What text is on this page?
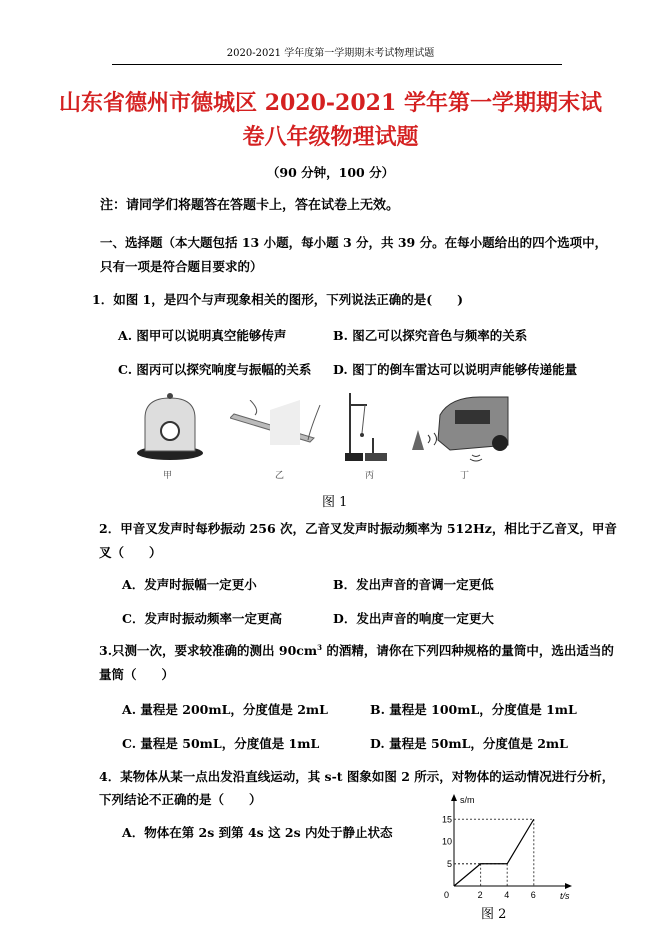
2020-2021 学年度第一学期期末考试物理试题
山东省德州市德城区 2020-2021 学年第一学期期末试
卷八年级物理试题
（90 分钟，100 分）
注：请同学们将题答在答题卡上，答在试卷上无效。
一、选择题（本大题包括 13 小题，每小题 3 分，共 39 分。在每小题给出的四个选项中，
只有一项是符合题目要求的）
1．如图 1，是四个与声现象相关的图形，下列说法正确的是(　　)
A. 图甲可以说明真空能够传声	B. 图乙可以探究音色与频率的关系
C. 图丙可以探究响度与振幅的关系 D. 图丁的倒车雷达可以说明声能够传递能量
甲	乙	丙	丁
图 1
2．甲音叉发声时每秒振动 256 次，乙音叉发声时振动频率为 512Hz，相比于乙音叉，甲音
叉（　　）
A．发声时振幅一定更小	B．发出声音的音调一定更低
C．发声时振动频率一定更高	D．发出声音的响度一定更大
3.只测一次，要求较准确的测出 $90cm^3$ 的酒精，请你在下列四种规格的量筒中，选出适当的
量筒（　　）
A. 量程是 200mL，分度值是 2mL	B. 量程是 100mL，分度值是 1mL
C. 量程是 50mL，分度值是 1mL	D. 量程是 50mL，分度值是 2mL
4．某物体从某一点出发沿直线运动，其 s-t 图象如图 2 所示，对物体的运动情况进行分析，
下列结论不正确的是（　　）
A．物体在第 2s 到第 4s 这 2s 内处于静止状态
s/m
t/s
0	2 4 6
5
10
15
图 2
